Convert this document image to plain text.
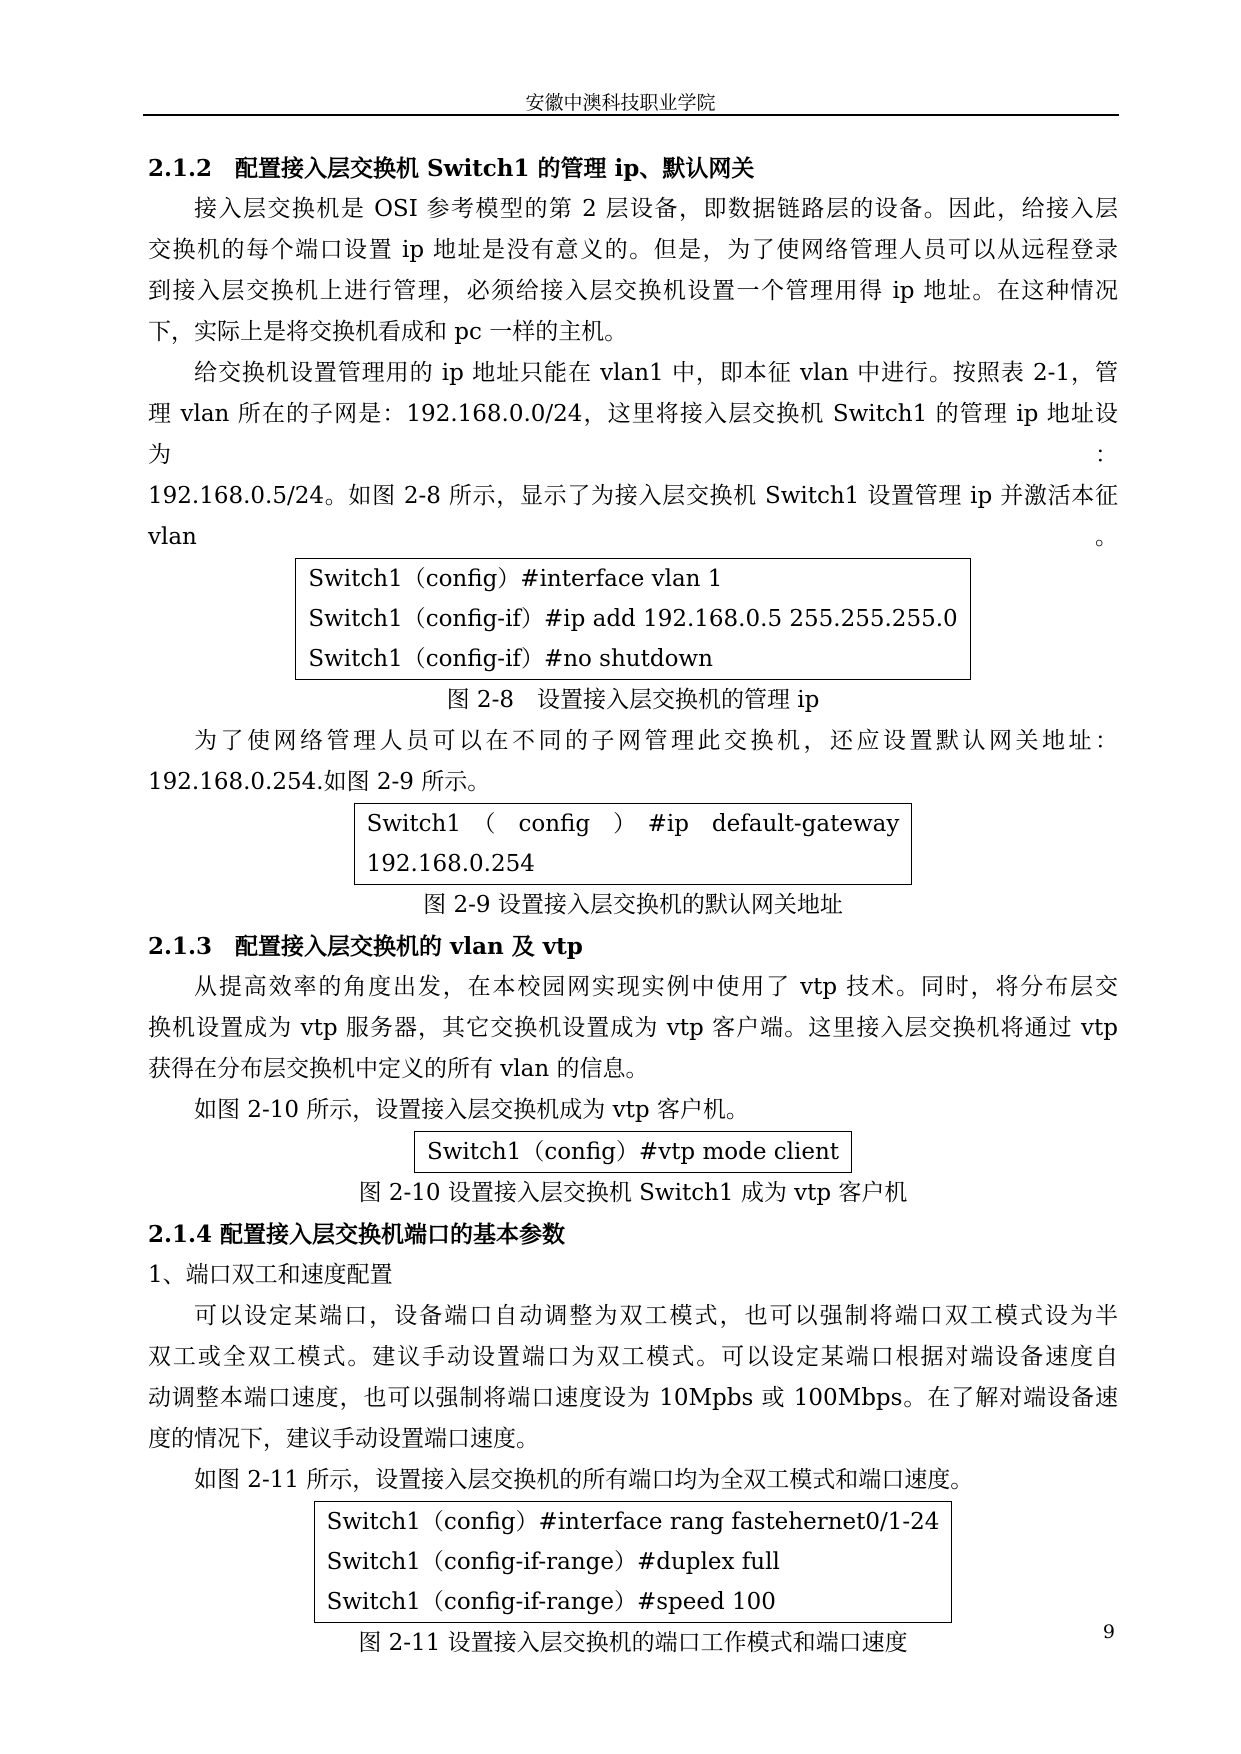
安徽中澳科技职业学院

2.1.2　配置接入层交换机 Switch1 的管理 ip、默认网关

接入层交换机是 OSI 参考模型的第 2 层设备，即数据链路层的设备。因此，给接入层

交换机的每个端口设置 ip 地址是没有意义的。但是，为了使网络管理人员可以从远程登录

到接入层交换机上进行管理，必须给接入层交换机设置一个管理用得 ip 地址。在这种情况

下，实际上是将交换机看成和 pc 一样的主机。

给交换机设置管理用的 ip 地址只能在 vlan1 中，即本征 vlan 中进行。按照表 2-1，管

理 vlan 所在的子网是：192.168.0.0/24，这里将接入层交换机 Switch1 的管理 ip 地址设为：

192.168.0.5/24。如图 2-8 所示，显示了为接入层交换机 Switch1 设置管理 ip 并激活本征 vlan。

Switch1（config）#interface vlan 1
Switch1（config-if）#ip add 192.168.0.5 255.255.255.0
Switch1（config-if）#no shutdown

图 2-8　设置接入层交换机的管理 ip

为了使网络管理人员可以在不同的子网管理此交换机，还应设置默认网关地址：

192.168.0.254.如图 2-9 所示。

Switch1　（　config　）　#ip　default-gateway
192.168.0.254

图 2-9 设置接入层交换机的默认网关地址

2.1.3　配置接入层交换机的 vlan 及 vtp

从提高效率的角度出发，在本校园网实现实例中使用了 vtp 技术。同时，将分布层交

换机设置成为 vtp 服务器，其它交换机设置成为 vtp 客户端。这里接入层交换机将通过 vtp

获得在分布层交换机中定义的所有 vlan 的信息。

如图 2-10 所示，设置接入层交换机成为 vtp 客户机。

Switch1（config）#vtp mode client

图 2-10 设置接入层交换机 Switch1 成为 vtp 客户机

2.1.4 配置接入层交换机端口的基本参数

1、端口双工和速度配置

可以设定某端口，设备端口自动调整为双工模式，也可以强制将端口双工模式设为半

双工或全双工模式。建议手动设置端口为双工模式。可以设定某端口根据对端设备速度自

动调整本端口速度，也可以强制将端口速度设为 10Mpbs 或 100Mbps。在了解对端设备速

度的情况下，建议手动设置端口速度。

如图 2-11 所示，设置接入层交换机的所有端口均为全双工模式和端口速度。

Switch1（config）#interface rang fastehernet0/1-24
Switch1（config-if-range）#duplex full
Switch1（config-if-range）#speed 100

图 2-11 设置接入层交换机的端口工作模式和端口速度	9
